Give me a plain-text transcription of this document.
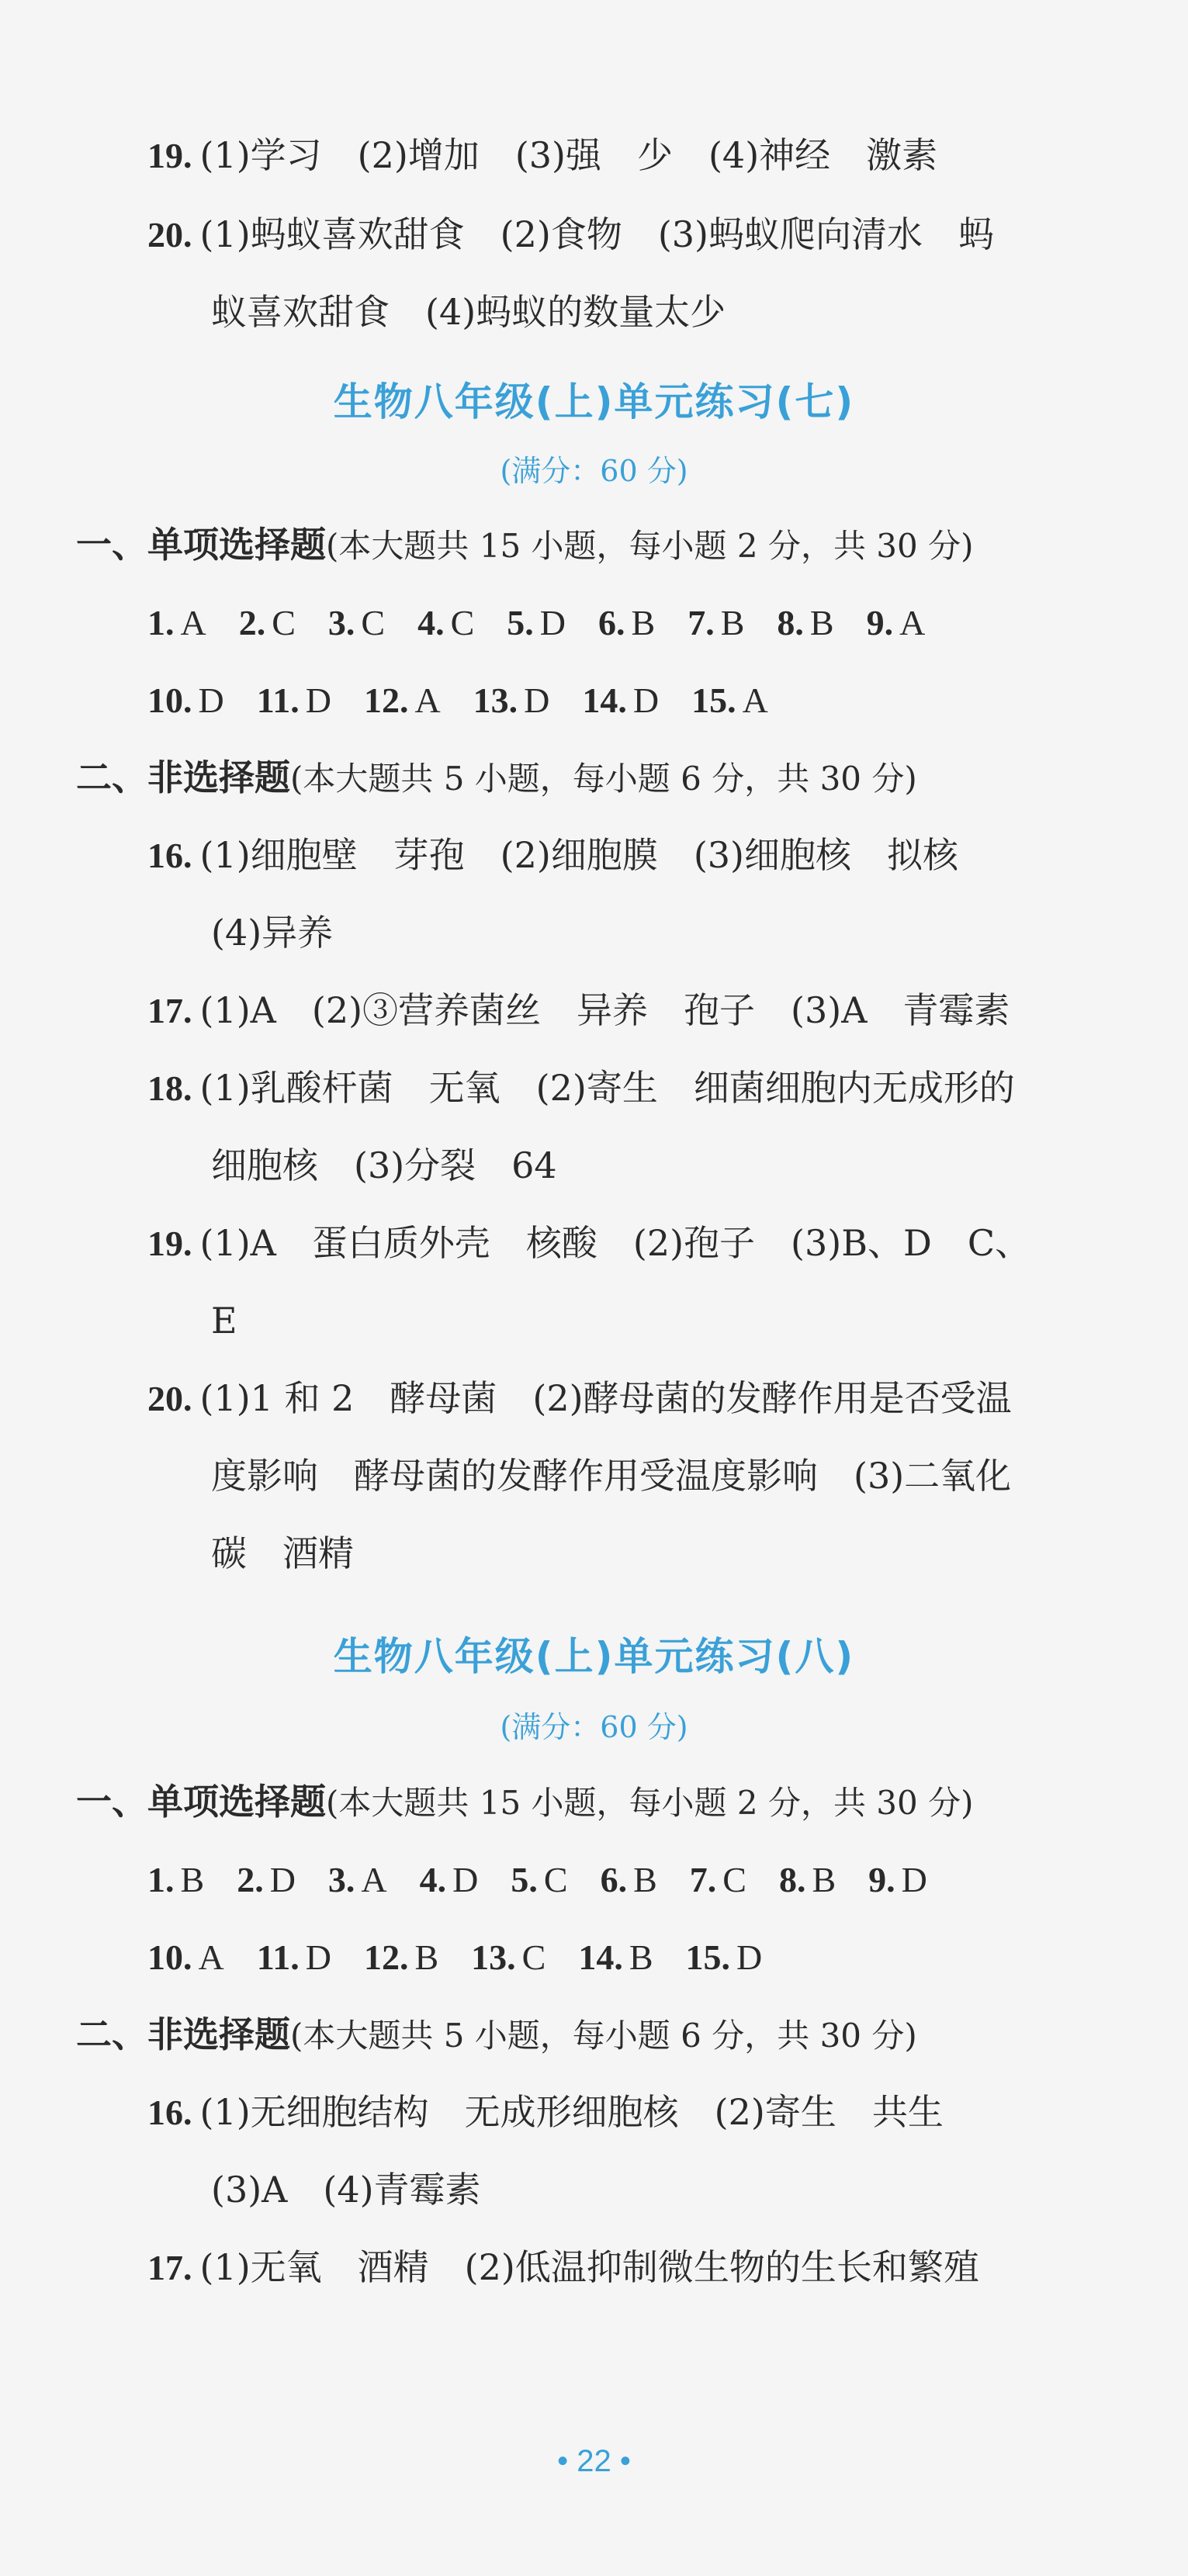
19. (1)学习　(2)增加　(3)强　少　(4)神经　激素
20. (1)蚂蚁喜欢甜食　(2)食物　(3)蚂蚁爬向清水　蚂
蚁喜欢甜食　(4)蚂蚁的数量太少
生物八年级(上)单元练习(七)
(满分：60 分)
一、单项选择题(本大题共 15 小题，每小题 2 分，共 30 分)
1. A 2. C 3. C 4. C 5. D 6. B 7. B 8. B 9. A
10. D 11. D 12. A 13. D 14. D 15. A
二、非选择题(本大题共 5 小题，每小题 6 分，共 30 分)
16. (1)细胞壁　芽孢　(2)细胞膜　(3)细胞核　拟核
(4)异养
17. (1)A　(2)③营养菌丝　异养　孢子　(3)A　青霉素
18. (1)乳酸杆菌　无氧　(2)寄生　细菌细胞内无成形的
细胞核　(3)分裂　64
19. (1)A　蛋白质外壳　核酸　(2)孢子　(3)B、D　C、
E
20. (1)1 和 2　酵母菌　(2)酵母菌的发酵作用是否受温
度影响　酵母菌的发酵作用受温度影响　(3)二氧化
碳　酒精
生物八年级(上)单元练习(八)
(满分：60 分)
一、单项选择题(本大题共 15 小题，每小题 2 分，共 30 分)
1. B 2. D 3. A 4. D 5. C 6. B 7. C 8. B 9. D
10. A 11. D 12. B 13. C 14. B 15. D
二、非选择题(本大题共 5 小题，每小题 6 分，共 30 分)
16. (1)无细胞结构　无成形细胞核　(2)寄生　共生
(3)A　(4)青霉素
17. (1)无氧　酒精　(2)低温抑制微生物的生长和繁殖
• 22 •
